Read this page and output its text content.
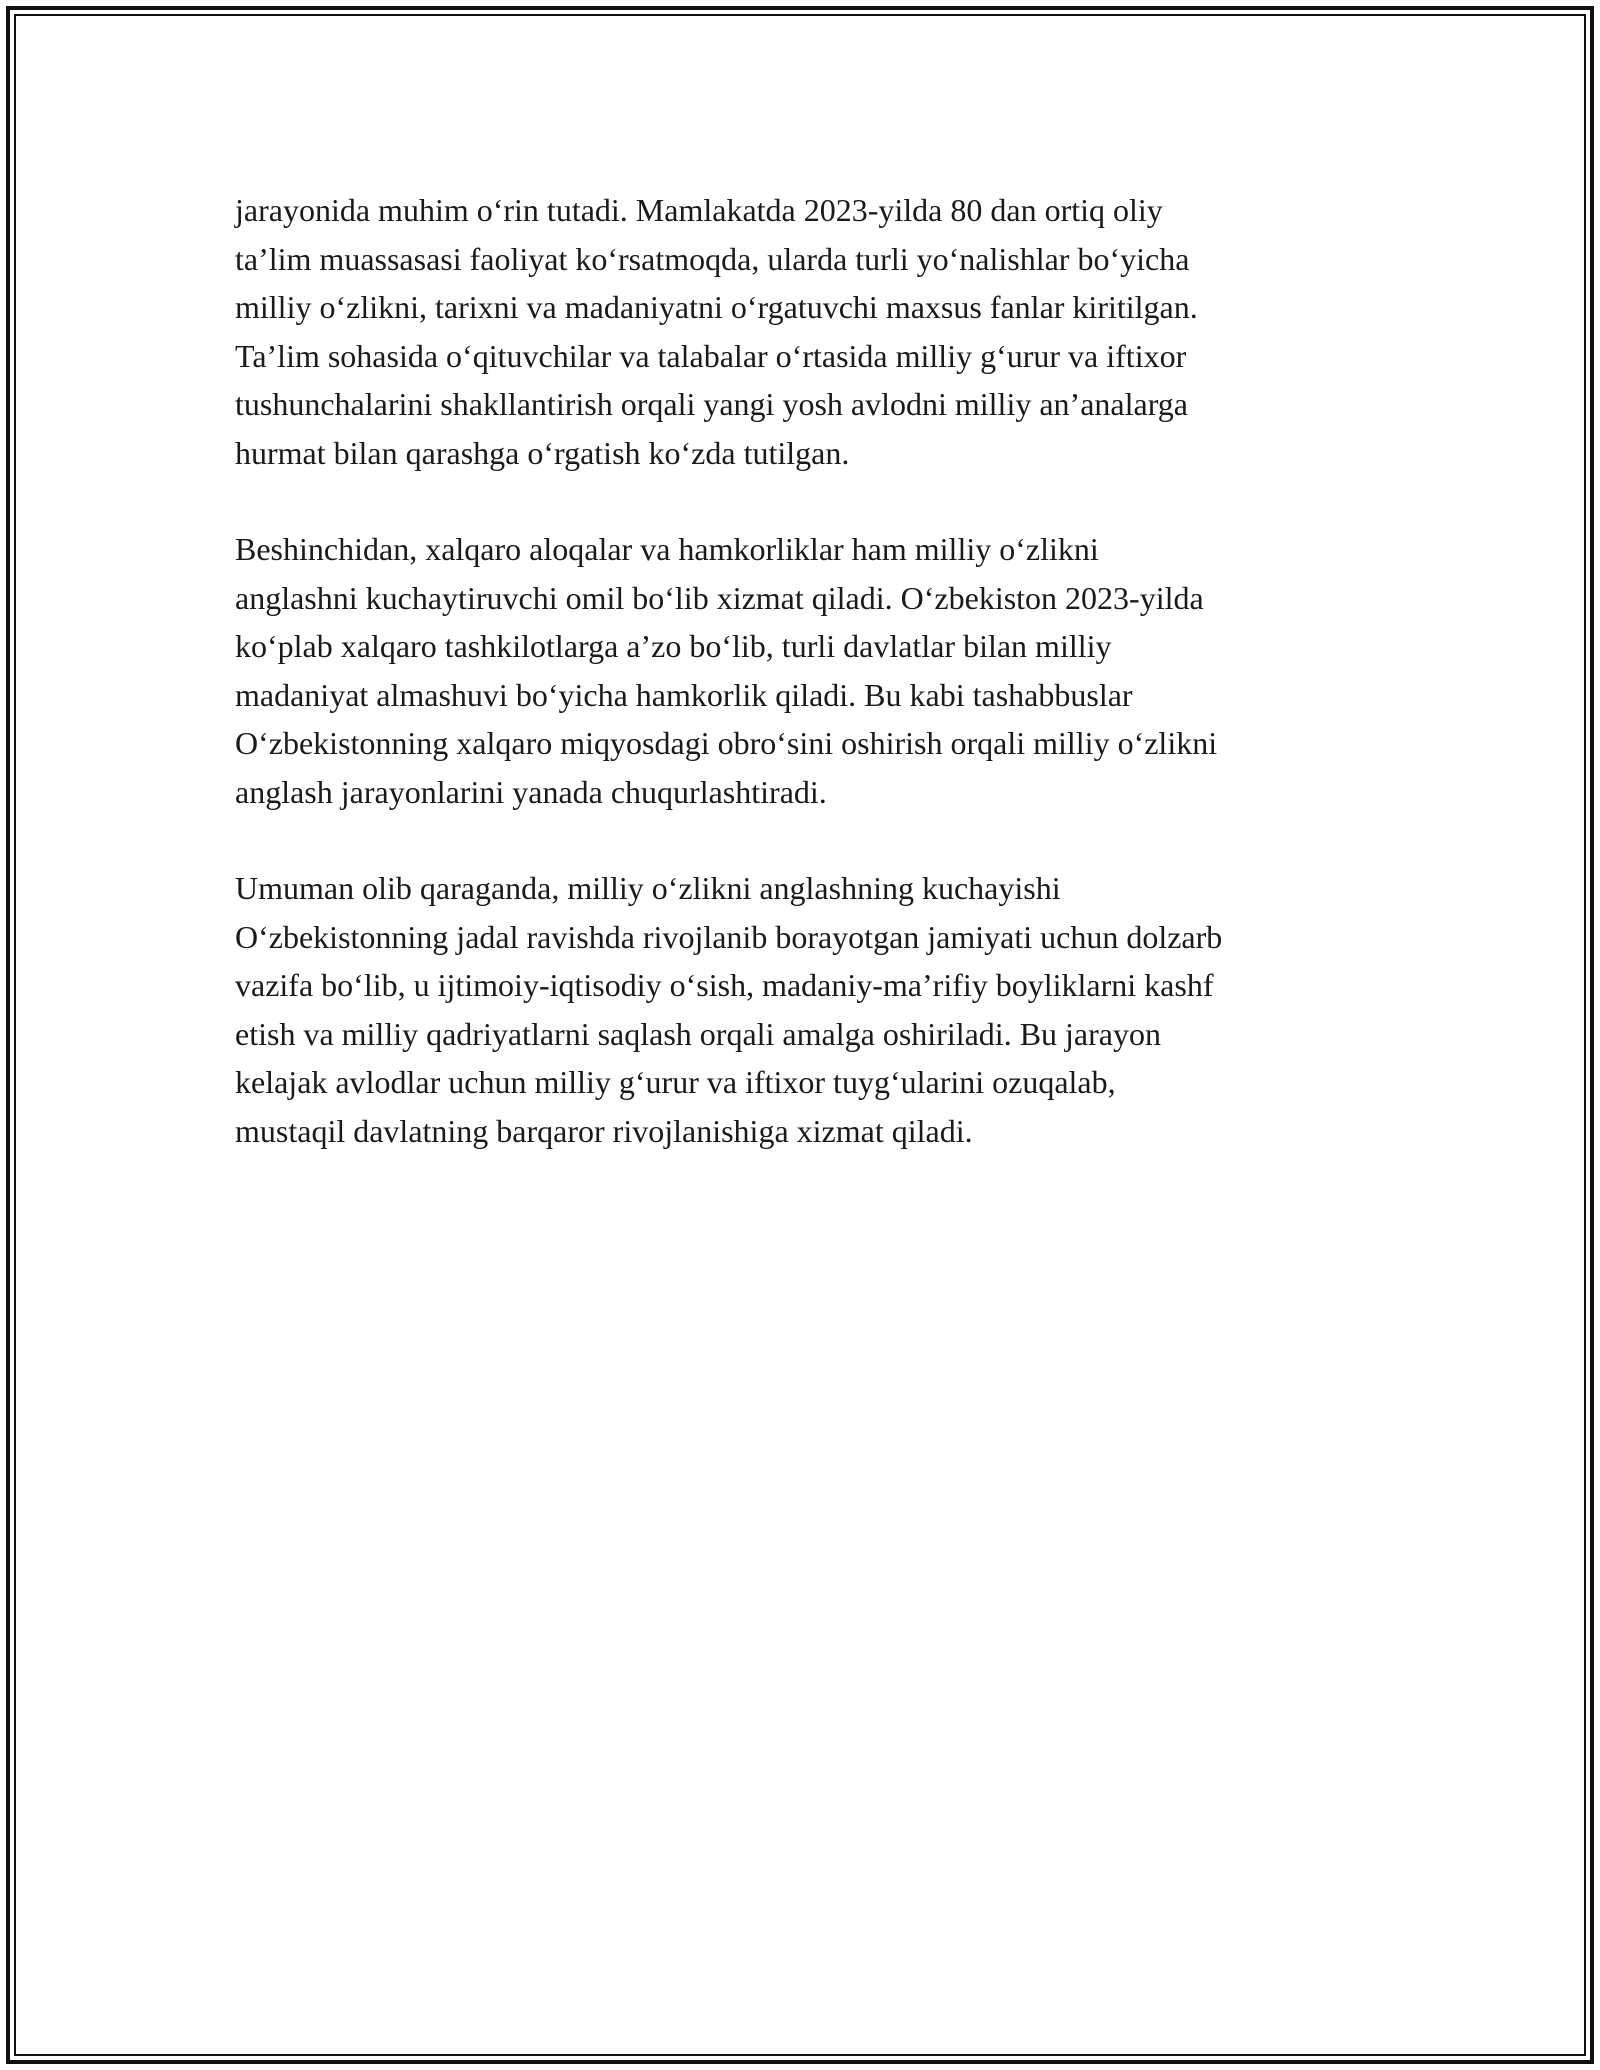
jarayonida muhim o‘rin tutadi. Mamlakatda 2023-yilda 80 dan ortiq oliy
ta’lim muassasasi faoliyat ko‘rsatmoqda, ularda turli yo‘nalishlar bo‘yicha
milliy o‘zlikni, tarixni va madaniyatni o‘rgatuvchi maxsus fanlar kiritilgan.
Ta’lim sohasida o‘qituvchilar va talabalar o‘rtasida milliy g‘urur va iftixor
tushunchalarini shakllantirish orqali yangi yosh avlodni milliy an’analarga
hurmat bilan qarashga o‘rgatish ko‘zda tutilgan.

Beshinchidan, xalqaro aloqalar va hamkorliklar ham milliy o‘zlikni
anglashni kuchaytiruvchi omil bo‘lib xizmat qiladi. O‘zbekiston 2023-yilda
ko‘plab xalqaro tashkilotlarga a’zo bo‘lib, turli davlatlar bilan milliy
madaniyat almashuvi bo‘yicha hamkorlik qiladi. Bu kabi tashabbuslar
O‘zbekistonning xalqaro miqyosdagi obro‘sini oshirish orqali milliy o‘zlikni
anglash jarayonlarini yanada chuqurlashtiradi.

Umuman olib qaraganda, milliy o‘zlikni anglashning kuchayishi
O‘zbekistonning jadal ravishda rivojlanib borayotgan jamiyati uchun dolzarb
vazifa bo‘lib, u ijtimoiy-iqtisodiy o‘sish, madaniy-ma’rifiy boyliklarni kashf
etish va milliy qadriyatlarni saqlash orqali amalga oshiriladi. Bu jarayon
kelajak avlodlar uchun milliy g‘urur va iftixor tuyg‘ularini ozuqalab,
mustaqil davlatning barqaror rivojlanishiga xizmat qiladi.
